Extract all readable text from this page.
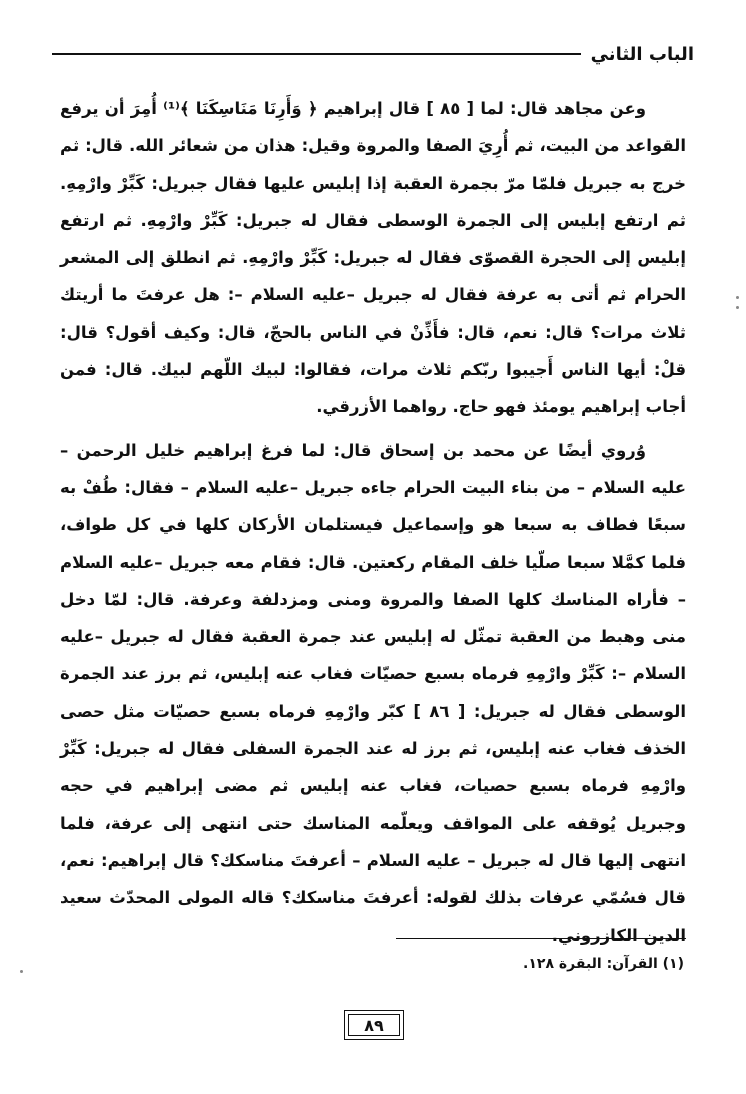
الباب الثاني

وعن مجاهد قال: لما [ ٨٥ ] قال إبراهيم ﴿ وَأَرِنَا مَنَاسِكَنَا ﴾⁽¹⁾ أُمِرَ أن يرفع القواعد من البيت، ثم أُرِيَ الصفا والمروة وقيل: هذان من شعائر الله. قال: ثم خرج به جبريل فلمّا مرّ بجمرة العقبة إذا إبليس عليها فقال جبريل: كَبِّرْ وارْمِهِ. ثم ارتفع إبليس إلى الجمرة الوسطى فقال له جبريل: كَبِّرْ وارْمِهِ. ثم ارتفع إبليس إلى الحجرة القصوّى فقال له جبريل: كَبِّرْ وارْمِهِ. ثم انطلق إلى المشعر الحرام ثم أتى به عرفة فقال له جبريل –عليه السلام –: هل عرفتَ ما أريتك ثلاث مرات؟ قال: نعم، قال: فأَذِّنْ في الناس بالحجّ، قال: وكيف أقول؟ قال: قلْ: أيها الناس أَجيبوا ربّكم ثلاث مرات، فقالوا: لبيك اللّهم لبيك. قال: فمن أجاب إبراهيم يومئذ فهو حاج. رواهما الأزرقي.

وُروي أيضًا عن محمد بن إسحاق قال: لما فرغ إبراهيم خليل الرحمن –عليه السلام – من بناء البيت الحرام جاءه جبريل –عليه السلام – فقال: طُفْ به سبعًا فطاف به سبعا هو وإسماعيل فيستلمان الأركان كلها في كل طواف، فلما كمَّلا سبعا صلّيا خلف المقام ركعتين. قال: فقام معه جبريل –عليه السلام – فأراه المناسك كلها الصفا والمروة ومنى ومزدلفة وعرفة. قال: لمّا دخل منى وهبط من العقبة تمثّل له إبليس عند جمرة العقبة فقال له جبريل –عليه السلام –: كَبِّرْ وارْمِهِ فرماه بسبع حصيّات فغاب عنه إبليس، ثم برز عند الجمرة الوسطى فقال له جبريل: [ ٨٦ ] كبّر وارْمِهِ فرماه بسبع حصيّات مثل حصى الخذف فغاب عنه إبليس، ثم برز له عند الجمرة السفلى فقال له جبريل: كَبِّرْ وارْمِهِ فرماه بسبع حصيات، فغاب عنه إبليس ثم مضى إبراهيم في حجه وجبريل يُوقفه على المواقف ويعلّمه المناسك حتى انتهى إلى عرفة، فلما انتهى إليها قال له جبريل – عليه السلام – أعرفتَ مناسكك؟ قال إبراهيم: نعم، قال فسُمّي عرفات بذلك لقوله: أعرفتَ مناسكك؟ قاله المولى المحدّث سعيد الدين الكازروني.

(١) القرآن: البقرة ١٢٨.
٨٩
